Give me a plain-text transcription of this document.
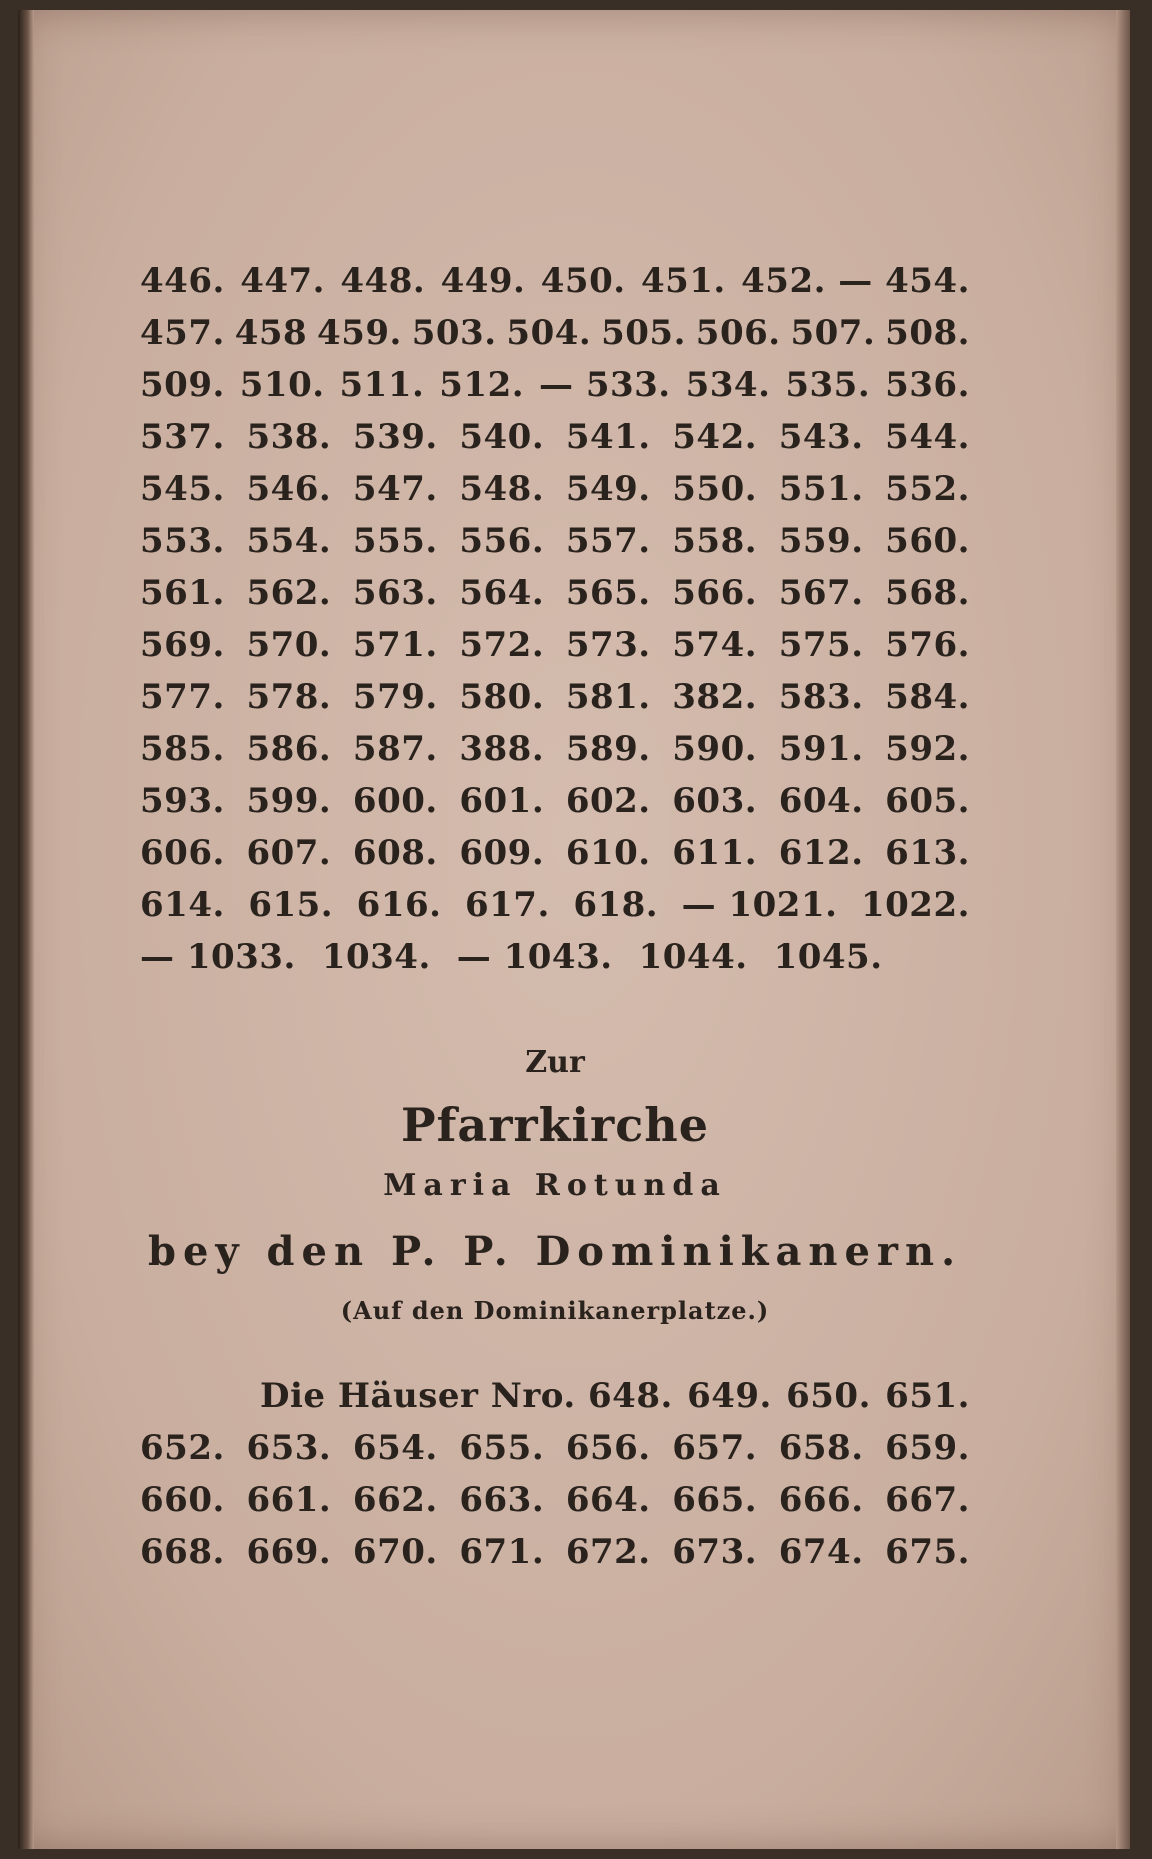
446. 447. 448. 449. 450. 451. 452. — 454.
457. 458 459. 503. 504. 505. 506. 507. 508.
509. 510. 511. 512. — 533. 534. 535. 536.
537. 538. 539. 540. 541. 542. 543. 544.
545. 546. 547. 548. 549. 550. 551. 552.
553. 554. 555. 556. 557. 558. 559. 560.
561. 562. 563. 564. 565. 566. 567. 568.
569. 570. 571. 572. 573. 574. 575. 576.
577. 578. 579. 580. 581. 382. 583. 584.
585. 586. 587. 388. 589. 590. 591. 592.
593. 599. 600. 601. 602. 603. 604. 605.
606. 607. 608. 609. 610. 611. 612. 613.
614. 615. 616. 617. 618. — 1021. 1022.
— 1033. 1034. — 1043. 1044. 1045.
Zur
Pfarrkirche
Maria Rotunda
bey den P. P. Dominikanern.
(Auf den Dominikanerplatze.)
Die Häuser Nro. 648. 649. 650. 651.
652. 653. 654. 655. 656. 657. 658. 659.
660. 661. 662. 663. 664. 665. 666. 667.
668. 669. 670. 671. 672. 673. 674. 675.
